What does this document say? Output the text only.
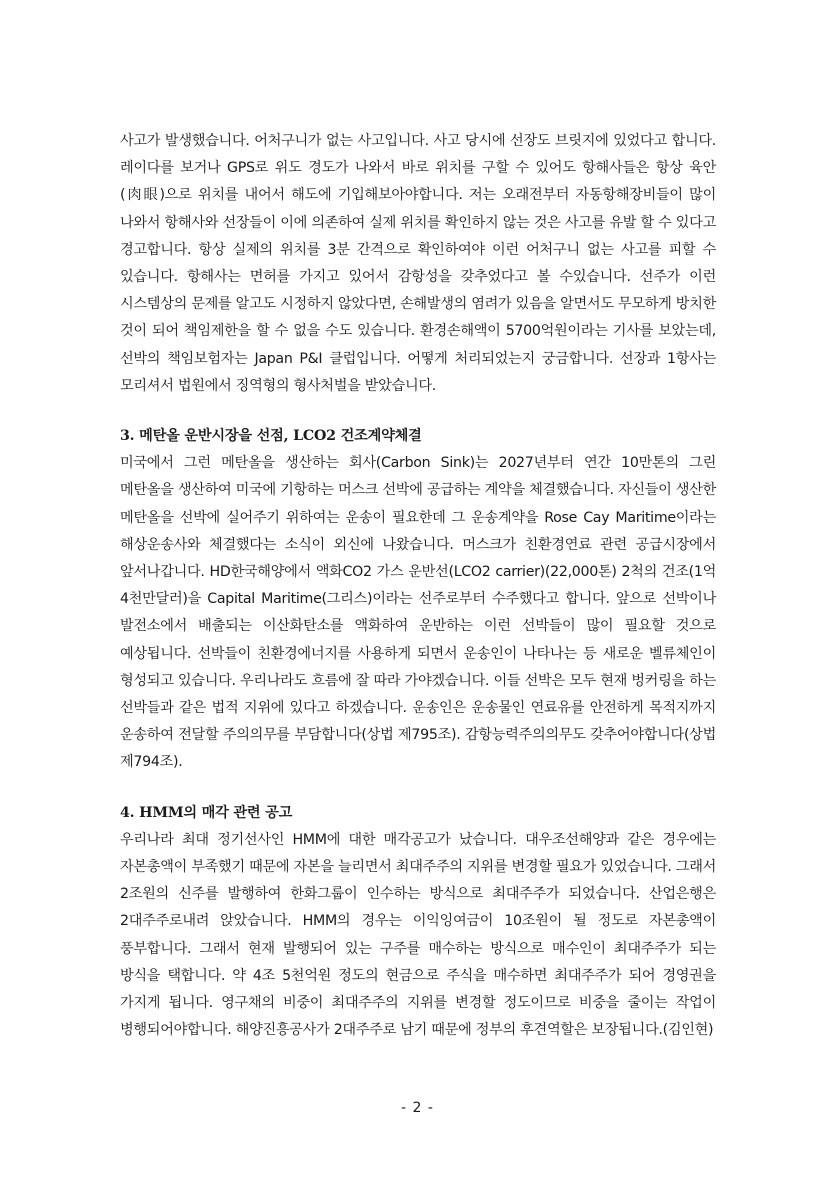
사고가 발생했습니다. 어처구니가 없는 사고입니다. 사고 당시에 선장도 브릿지에 있었다고 합니다. 레이다를 보거나 GPS로 위도 경도가 나와서 바로 위치를 구할 수 있어도 항해사들은 항상 육안(肉眼)으로 위치를 내어서 해도에 기입해보아야합니다. 저는 오래전부터 자동항해장비들이 많이 나와서 항해사와 선장들이 이에 의존하여 실제 위치를 확인하지 않는 것은 사고를 유발 할 수 있다고 경고합니다. 항상 실제의 위치를 3분 간격으로 확인하여야 이런 어처구니 없는 사고를 피할 수 있습니다. 항해사는 면허를 가지고 있어서 감항성을 갖추었다고 볼 수있습니다. 선주가 이런 시스템상의 문제를 알고도 시정하지 않았다면, 손해발생의 염려가 있음을 알면서도 무모하게 방치한 것이 되어 책임제한을 할 수 없을 수도 있습니다. 환경손해액이 5700억원이라는 기사를 보았는데, 선박의 책임보험자는 Japan P&I 클럽입니다. 어떻게 처리되었는지 궁금합니다. 선장과 1항사는 모리셔서 법원에서 징역형의 형사처벌을 받았습니다.

3. 메탄올 운반시장을 선점, LCO2 건조계약체결

미국에서 그런 메탄올을 생산하는 회사(Carbon Sink)는 2027년부터 연간 10만톤의 그린 메탄올을 생산하여 미국에 기항하는 머스크 선박에 공급하는 계약을 체결했습니다. 자신들이 생산한 메탄올을 선박에 실어주기 위하여는 운송이 필요한데 그 운송계약을 Rose Cay Maritime이라는 해상운송사와 체결했다는 소식이 외신에 나왔습니다. 머스크가 친환경연료 관련 공급시장에서 앞서나갑니다. HD한국해양에서 액화CO2 가스 운반선(LCO2 carrier)(22,000톤) 2척의 건조(1억 4천만달러)을 Capital Maritime(그리스)이라는 선주로부터 수주했다고 합니다. 앞으로 선박이나 발전소에서 배출되는 이산화탄소를 액화하여 운반하는 이런 선박들이 많이 필요할 것으로 예상됩니다. 선박들이 친환경에너지를 사용하게 되면서 운송인이 나타나는 등 새로운 벨류체인이 형성되고 있습니다. 우리나라도 흐름에 잘 따라 가야겠습니다. 이들 선박은 모두 현재 벙커링을 하는 선박들과 같은 법적 지위에 있다고 하겠습니다. 운송인은 운송물인 연료유를 안전하게 목적지까지 운송하여 전달할 주의의무를 부담합니다(상법 제795조). 감항능력주의의무도 갖추어야합니다(상법 제794조).

4. HMM의 매각 관련 공고

우리나라 최대 정기선사인 HMM에 대한 매각공고가 났습니다. 대우조선해양과 같은 경우에는 자본총액이 부족했기 때문에 자본을 늘리면서 최대주주의 지위를 변경할 필요가 있었습니다. 그래서 2조원의 신주를 발행하여 한화그룹이 인수하는 방식으로 최대주주가 되었습니다. 산업은행은 2대주주로내려 앉았습니다. HMM의 경우는 이익잉여금이 10조원이 될 정도로 자본총액이 풍부합니다. 그래서 현재 발행되어 있는 구주를 매수하는 방식으로 매수인이 최대주주가 되는 방식을 택합니다. 약 4조 5천억원 정도의 현금으로 주식을 매수하면 최대주주가 되어 경영권을 가지게 됩니다. 영구채의 비중이 최대주주의 지위를 변경할 정도이므로 비중을 줄이는 작업이 병행되어야합니다. 해양진흥공사가 2대주주로 남기 때문에 정부의 후견역할은 보장됩니다.(김인현)

- 2 -
